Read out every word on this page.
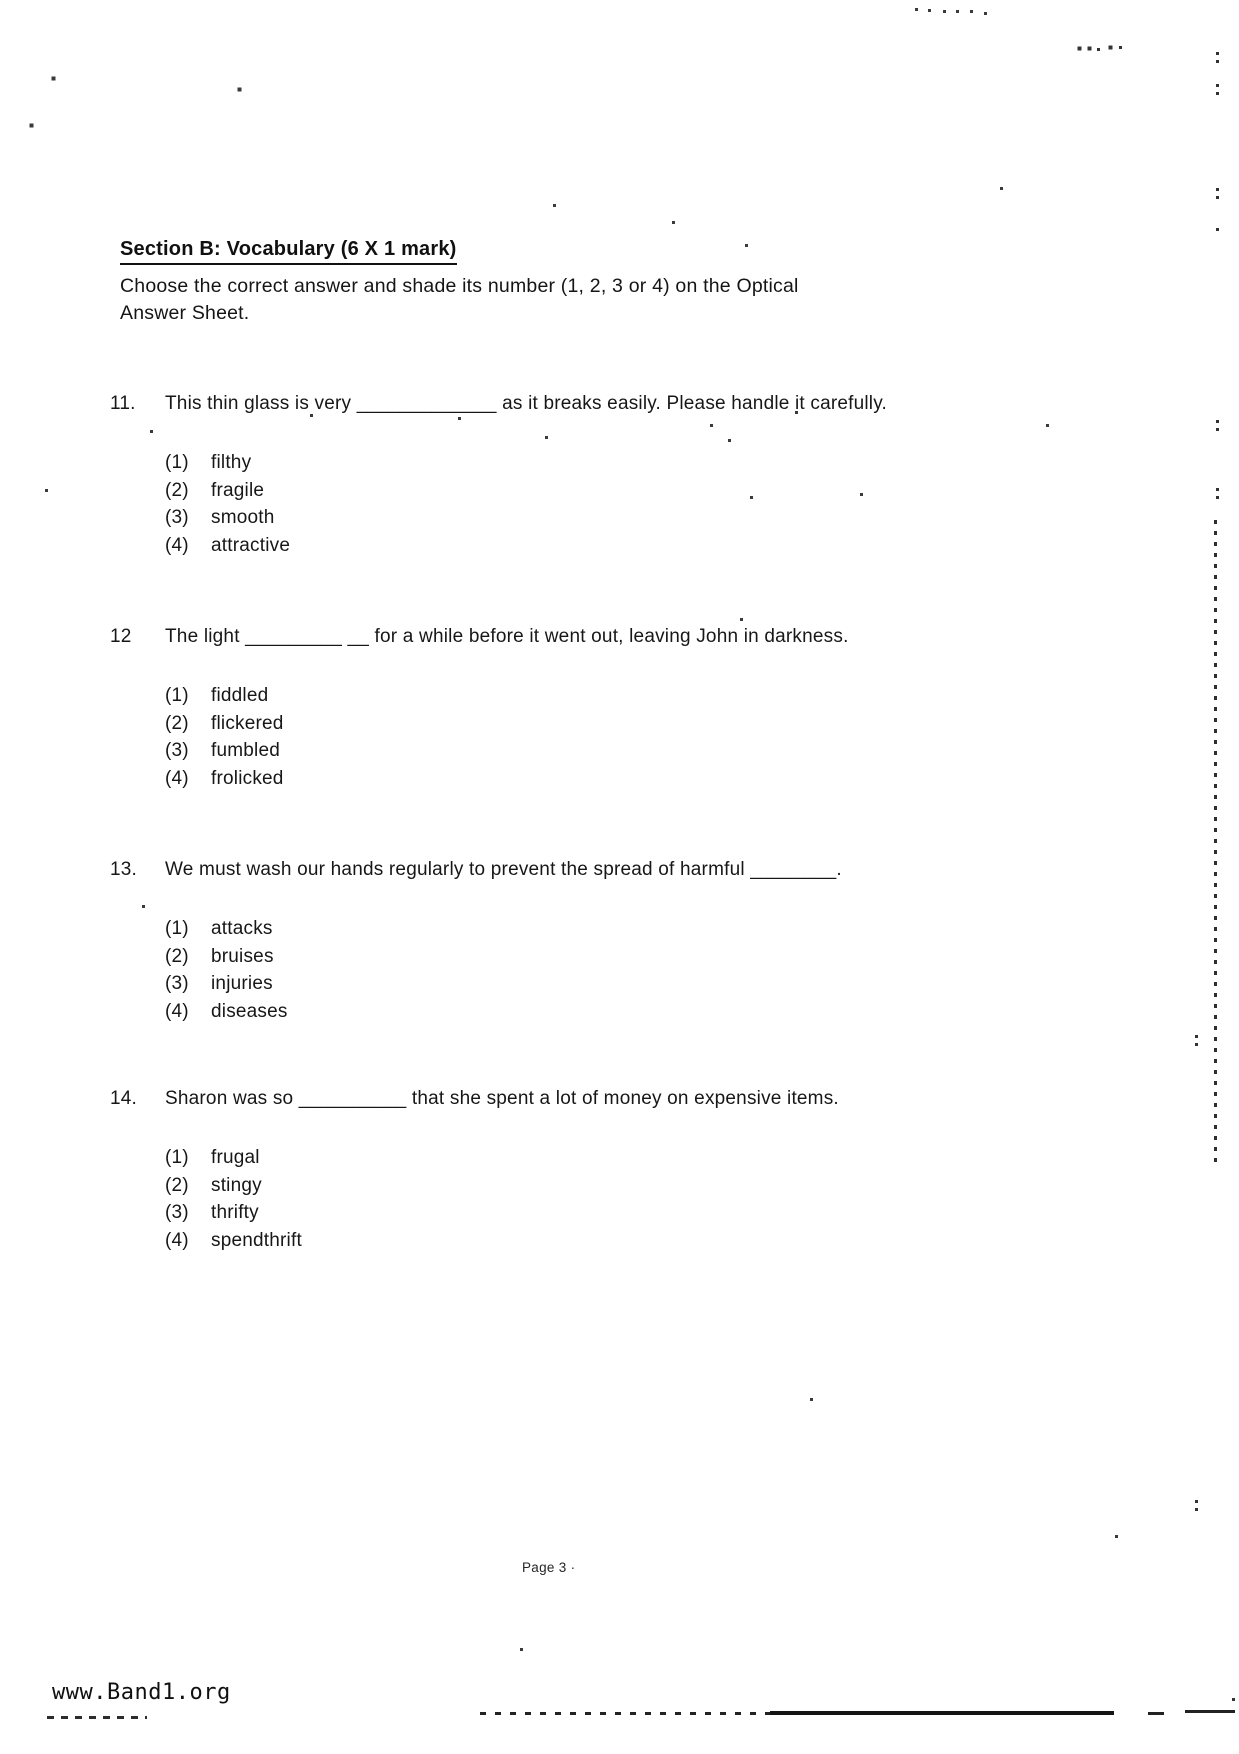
Section B: Vocabulary (6 X 1 mark)
Choose the correct answer and shade its number (1, 2, 3 or 4) on the Optical
Answer Sheet.
11.	This thin glass is very _____________ as it breaks easily. Please handle it carefully.
(1)	filthy
(2)	fragile
(3)	smooth
(4)	attractive
12	The light _________ __ for a while before it went out, leaving John in darkness.
(1)	fiddled
(2)	flickered
(3)	fumbled
(4)	frolicked
13.	We must wash our hands regularly to prevent the spread of harmful ________.
(1)	attacks
(2)	bruises
(3)	injuries
(4)	diseases
14.	Sharon was so __________ that she spent a lot of money on expensive items.
(1)	frugal
(2)	stingy
(3)	thrifty
(4)	spendthrift
Page 3 ·
www.Band1.org
